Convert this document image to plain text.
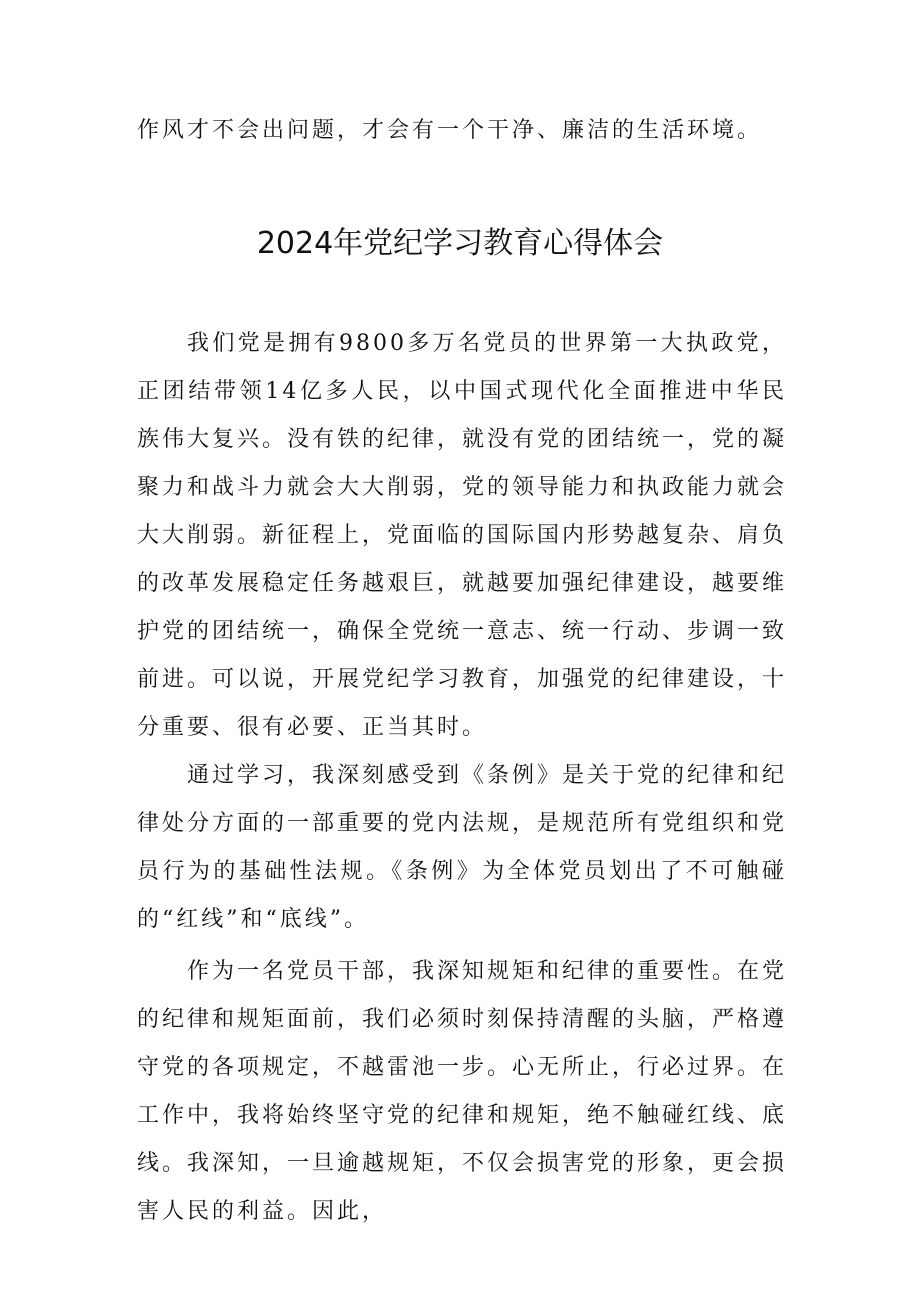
作风才不会出问题，才会有一个干净、廉洁的生活环境。
2024年党纪学习教育心得体会

我们党是拥有9800多万名党员的世界第一大执政党，正团结带领14亿多人民，以中国式现代化全面推进中华民族伟大复兴。没有铁的纪律，就没有党的团结统一，党的凝聚力和战斗力就会大大削弱，党的领导能力和执政能力就会大大削弱。新征程上，党面临的国际国内形势越复杂、肩负的改革发展稳定任务越艰巨，就越要加强纪律建设，越要维护党的团结统一，确保全党统一意志、统一行动、步调一致前进。可以说，开展党纪学习教育，加强党的纪律建设，十分重要、很有必要、正当其时。

通过学习，我深刻感受到《条例》是关于党的纪律和纪律处分方面的一部重要的党内法规，是规范所有党组织和党员行为的基础性法规。《条例》为全体党员划出了不可触碰的“红线”和“底线”。

作为一名党员干部，我深知规矩和纪律的重要性。在党的纪律和规矩面前，我们必须时刻保持清醒的头脑，严格遵守党的各项规定，不越雷池一步。心无所止，行必过界。在工作中，我将始终坚守党的纪律和规矩，绝不触碰红线、底线。我深知，一旦逾越规矩，不仅会损害党的形象，更会损害人民的利益。因此，
